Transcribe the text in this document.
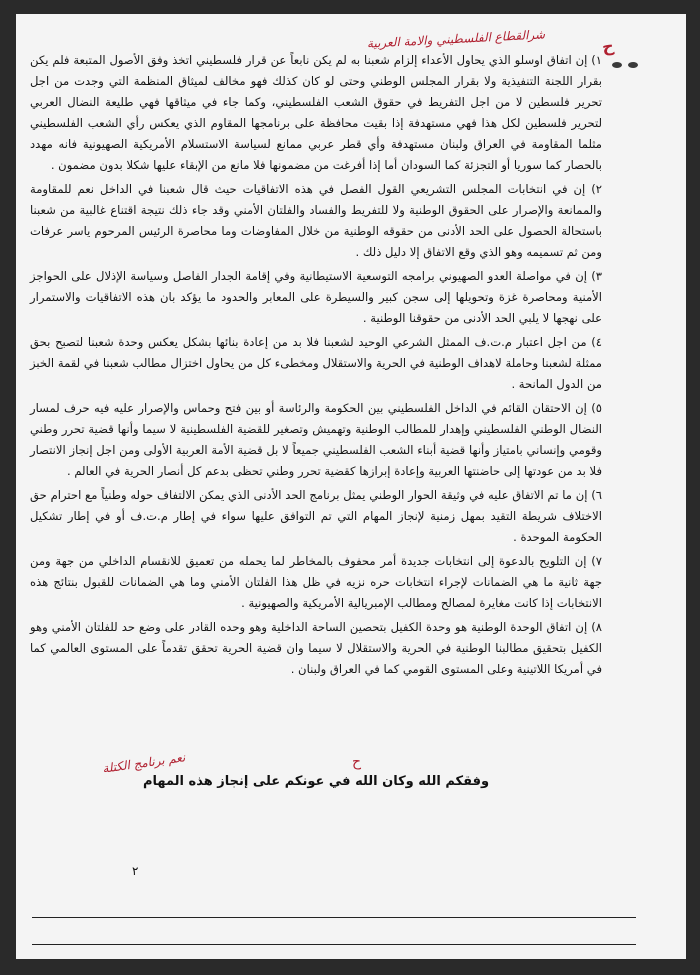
شرالقطاع الفلسطيني والامة العربية	ح

١) إن اتفاق اوسلو الذي يحاول الأعداء إلزام شعبنا به لم يكن نابعاً عن قرار فلسطيني اتخذ وفق الأصول المتبعة فلم يكن بقرار اللجنة التنفيذية ولا بقرار المجلس الوطني وحتى لو كان كذلك فهو مخالف لميثاق المنظمة التي وجدت من اجل تحرير فلسطين لا من اجل التفريط في حقوق الشعب الفلسطيني، وكما جاء في ميثاقها فهي طليعة النضال العربي لتحرير فلسطين لكل هذا فهي مستهدفة إذا بقيت محافظة على برنامجها المقاوم الذي يعكس رأي الشعب الفلسطيني مثلما المقاومة في العراق ولبنان مستهدفة وأي قطر عربي ممانع لسياسة الاستسلام الأمريكية الصهيونية فانه مهدد بالحصار كما سوريا أو التجزئة كما السودان أما إذا أفرغت من مضمونها فلا مانع من الإبقاء عليها شكلا بدون مضمون .

٢) إن في انتخابات المجلس التشريعي القول الفصل في هذه الاتفاقيات حيث قال شعبنا في الداخل نعم للمقاومة والممانعة والإصرار على الحقوق الوطنية ولا للتفريط والفساد والفلتان الأمني وقد جاء ذلك نتيجة اقتناع غالبية من شعبنا باستحالة الحصول على الحد الأدنى من حقوقه الوطنية من خلال المفاوضات وما محاصرة الرئيس المرحوم ياسر عرفات ومن ثم تسميمه وهو الذي وقع الاتفاق إلا دليل ذلك .

٣) إن في مواصلة العدو الصهيوني برامجه التوسعية الاستيطانية وفي إقامة الجدار الفاصل وسياسة الإذلال على الحواجز الأمنية ومحاصرة غزة وتحويلها إلى سجن كبير والسيطرة على المعابر والحدود ما يؤكد بان هذه الاتفاقيات والاستمرار على نهجها لا يلبي الحد الأدنى من حقوقنا الوطنية .

٤) من اجل اعتبار م.ت.ف الممثل الشرعي الوحيد لشعبنا فلا بد من إعادة بنائها بشكل يعكس وحدة شعبنا لتصبح بحق ممثلة لشعبنا وحاملة لاهداف الوطنية في الحرية والاستقلال ومخطىء كل من يحاول اختزال مطالب شعبنا في لقمة الخبز من الدول المانحة .

٥) إن الاحتقان القائم في الداخل الفلسطيني بين الحكومة والرئاسة أو بين فتح وحماس والإصرار عليه فيه حرف لمسار النضال الوطني الفلسطيني وإهدار للمطالب الوطنية وتهميش وتصغير للقضية الفلسطينية لا سيما وأنها قضية تحرر وطني وقومي وإنساني بامتياز وأنها قضية أبناء الشعب الفلسطيني جميعاً لا بل قضية الأمة العربية الأولى ومن اجل إنجاز الانتصار فلا بد من عودتها إلى حاضنتها العربية وإعادة إبرازها كقضية تحرر وطني تحظى بدعم كل أنصار الحرية في العالم .

٦) إن ما تم الاتفاق عليه في وثيقة الحوار الوطني يمثل برنامج الحد الأدنى الذي يمكن الالتفاف حوله وطنياً مع احترام حق الاختلاف شريطة التقيد بمهل زمنية لإنجاز المهام التي تم التوافق عليها سواء في إطار م.ت.ف أو في إطار تشكيل الحكومة الموحدة .

٧) إن التلويح بالدعوة إلى انتخابات جديدة أمر محفوف بالمخاطر لما يحمله من تعميق للانقسام الداخلي من جهة ومن جهة ثانية ما هي الضمانات لإجراء انتخابات حره نزيه في ظل هذا الفلتان الأمني وما هي الضمانات للقبول بنتائج هذه الانتخابات إذا كانت مغايرة لمصالح ومطالب الإمبريالية الأمريكية والصهيونية .

٨) إن اتفاق الوحدة الوطنية هو وحدة الكفيل بتحصين الساحة الداخلية وهو وحده القادر على وضع حد للفلتان الأمني وهو الكفيل بتحقيق مطالبنا الوطنية في الحرية والاستقلال لا سيما وان قضية الحرية تحقق تقدماً على المستوى العالمي كما في أمريكا اللاتينية وعلى المستوى القومي كما في العراق ولبنان .

نعم برنامج الكتلة	ح
وفقكم الله وكان الله في عونكم على إنجاز هذه المهام
٢
